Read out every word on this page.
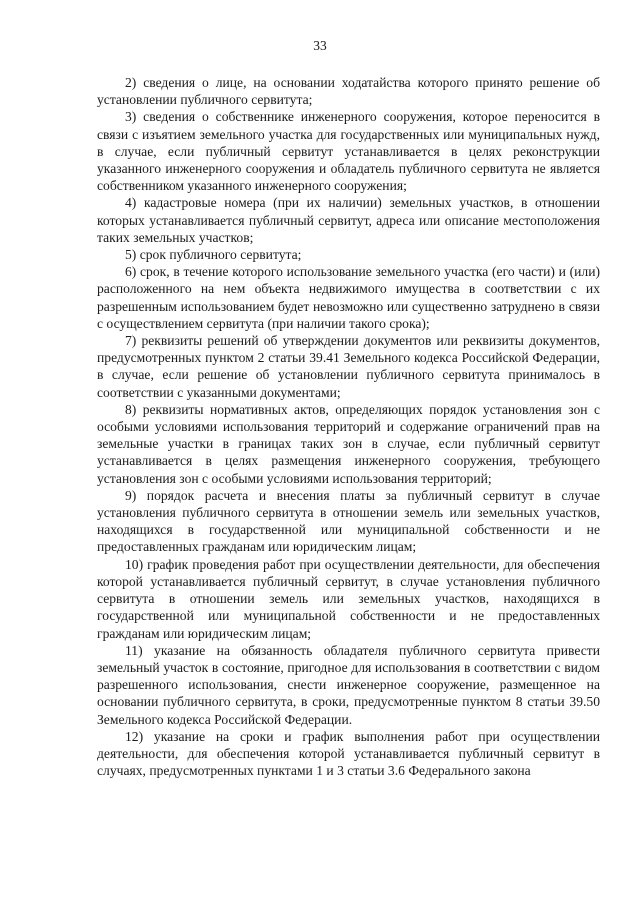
33

2) сведения о лице, на основании ходатайства которого принято решение об установлении публичного сервитута;

3) сведения о собственнике инженерного сооружения, которое переносится в связи с изъятием земельного участка для государственных или муниципальных нужд, в случае, если публичный сервитут устанавливается в целях реконструкции указанного инженерного сооружения и обладатель публичного сервитута не является собственником указанного инженерного сооружения;

4) кадастровые номера (при их наличии) земельных участков, в отношении которых устанавливается публичный сервитут, адреса или описание местоположения таких земельных участков;

5) срок публичного сервитута;

6) срок, в течение которого использование земельного участка (его части) и (или) расположенного на нем объекта недвижимого имущества в соответствии с их разрешенным использованием будет невозможно или существенно затруднено в связи с осуществлением сервитута (при наличии такого срока);

7) реквизиты решений об утверждении документов или реквизиты документов, предусмотренных пунктом 2 статьи 39.41 Земельного кодекса Российской Федерации, в случае, если решение об установлении публичного сервитута принималось в соответствии с указанными документами;

8) реквизиты нормативных актов, определяющих порядок установления зон с особыми условиями использования территорий и содержание ограничений прав на земельные участки в границах таких зон в случае, если публичный сервитут устанавливается в целях размещения инженерного сооружения, требующего установления зон с особыми условиями использования территорий;

9) порядок расчета и внесения платы за публичный сервитут в случае установления публичного сервитута в отношении земель или земельных участков, находящихся в государственной или муниципальной собственности и не предоставленных гражданам или юридическим лицам;

10) график проведения работ при осуществлении деятельности, для обеспечения которой устанавливается публичный сервитут, в случае установления публичного сервитута в отношении земель или земельных участков, находящихся в государственной или муниципальной собственности и не предоставленных гражданам или юридическим лицам;

11) указание на обязанность обладателя публичного сервитута привести земельный участок в состояние, пригодное для использования в соответствии с видом разрешенного использования, снести инженерное сооружение, размещенное на основании публичного сервитута, в сроки, предусмотренные пунктом 8 статьи 39.50 Земельного кодекса Российской Федерации.

12) указание на сроки и график выполнения работ при осуществлении деятельности, для обеспечения которой устанавливается публичный сервитут в случаях, предусмотренных пунктами 1 и 3 статьи 3.6 Федерального закона
